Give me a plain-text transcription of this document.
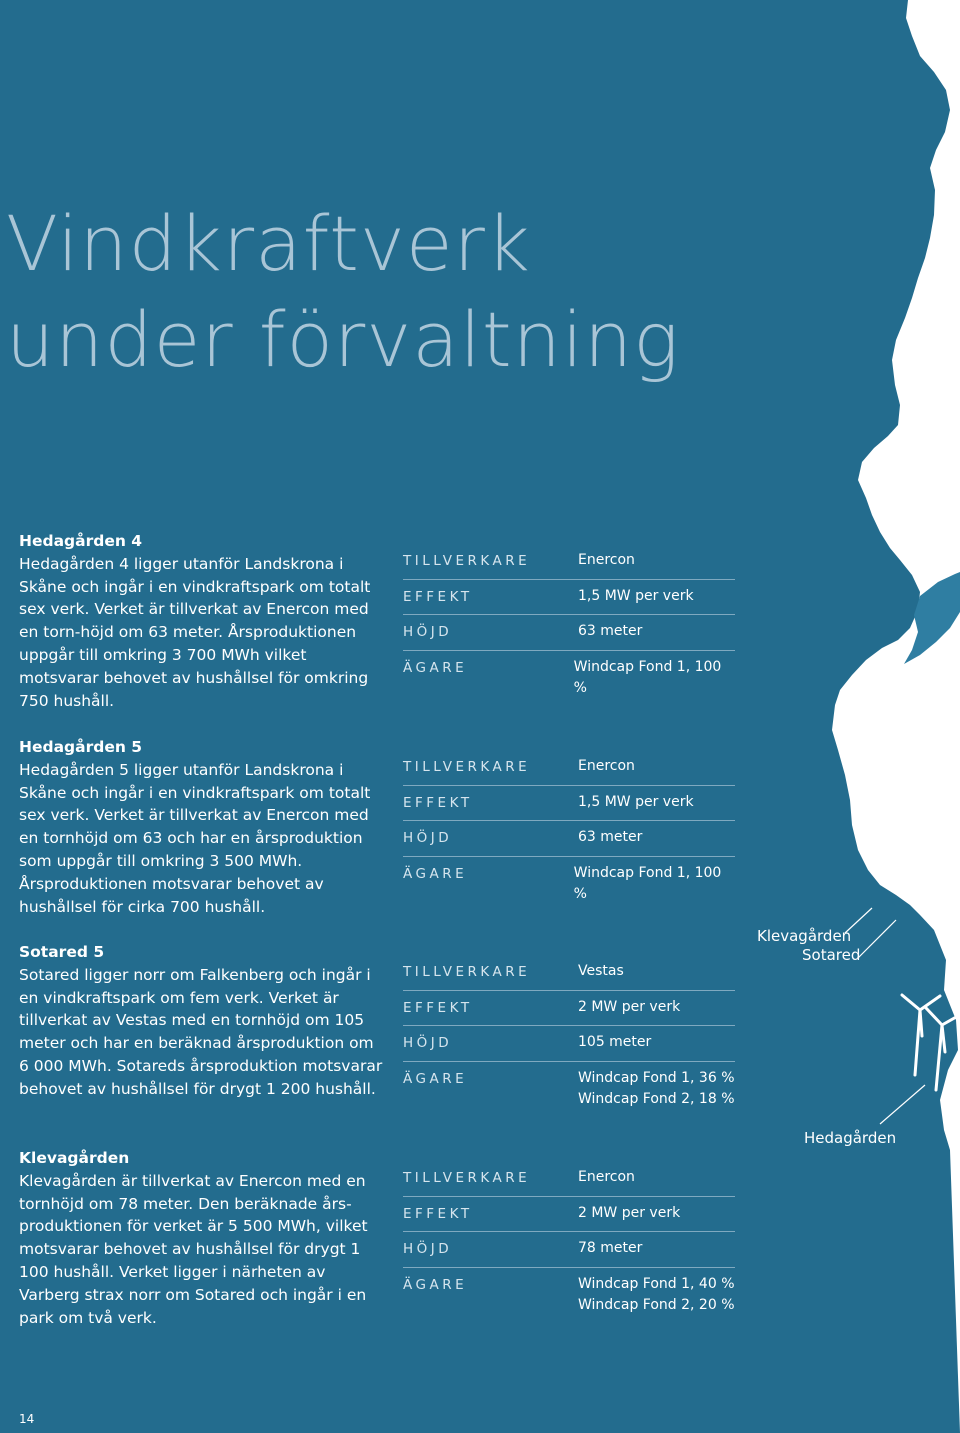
Vindkraftverk
under förvaltning
Hedagården 4

Hedagården 4 ligger utanför Landskrona i Skåne och ingår i en vindkraftspark om totalt sex verk. Verket är tillverkat av Enercon med en torn-höjd om 63 meter. Årsproduktionen uppgår till omkring 3 700 MWh vilket motsvarar behovet av hushållsel för omkring 750 hushåll.

TILLVERKARE	Enercon
EFFEKT	1,5 MW per verk
HÖJD	63 meter
ÄGARE	Windcap Fond 1, 100 %
Hedagården 5

Hedagården 5 ligger utanför Landskrona i Skåne och ingår i en vindkraftspark om totalt sex verk. Verket är tillverkat av Enercon med en tornhöjd om 63 och har en årsproduktion som uppgår till omkring 3 500 MWh. Årsproduktionen motsvarar behovet av hushållsel för cirka 700 hushåll.

TILLVERKARE	Enercon
EFFEKT	1,5 MW per verk
HÖJD	63 meter
ÄGARE	Windcap Fond 1, 100 %
Sotared 5

Sotared ligger norr om Falkenberg och ingår i en vindkraftspark om fem verk. Verket är tillverkat av Vestas med en tornhöjd om 105 meter och har en beräknad årsproduktion om 6 000 MWh. Sotareds årsproduktion motsvarar behovet av hushållsel för drygt 1 200 hushåll.

TILLVERKARE	Vestas
EFFEKT	2 MW per verk
HÖJD	105 meter
ÄGARE	Windcap Fond 1, 36 %
Windcap Fond 2, 18 %
Klevagården

Klevagården är tillverkat av Enercon med en tornhöjd om 78 meter. Den beräknade års-produktionen för verket är 5 500 MWh, vilket motsvarar behovet av hushållsel för drygt 1 100 hushåll. Verket ligger i närheten av Varberg strax norr om Sotared och ingår i en park om två verk.

TILLVERKARE	Enercon
EFFEKT	2 MW per verk
HÖJD	78 meter
ÄGARE	Windcap Fond 1, 40 %
Windcap Fond 2, 20 %
Klevagården
Sotared
Hedagården
14
